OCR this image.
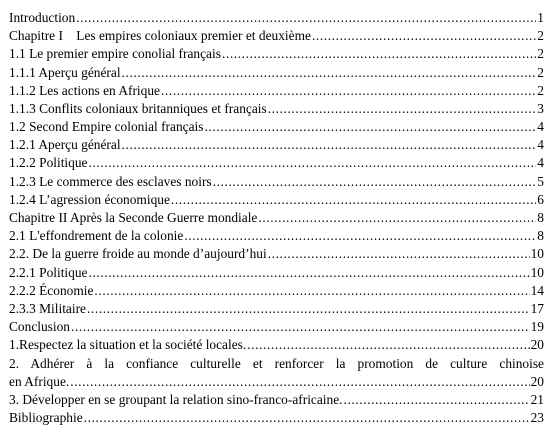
Introduction .....	1
Chapitre I    Les empires coloniaux premier et deuxième .....	2
1.1 Le premier empire conolial français .....	2
1.1.1 Aperçu général .....	2
1.1.2 Les actions en Afrique .....	2
1.1.3 Conflits coloniaux britanniques et français .....	3
1.2 Second Empire colonial français .....	4
1.2.1 Aperçu général .....	4
1.2.2 Politique .....	4
1.2.3 Le commerce des esclaves noirs .....	5
1.2.4 L’agression économique .....	6
Chapitre II Après la Seconde Guerre mondiale .....	8
2.1 L'effondrement de la colonie .....	8
2.2. De la guerre froide au monde d’aujourd’hui .....	10
2.2.1 Politique .....	10
2.2.2 Économie .....	14
2.3.3 Militaire .....	17
Conclusion .....	19
1.Respectez la situation et la société locales. .....	20
2. Adhérer à la confiance culturelle et renforcer la promotion de culture chinoise
en Afrique. .....	20
3. Développer en se groupant la relation sino-franco-africaine. .....	21
Bibliographie .....	23
